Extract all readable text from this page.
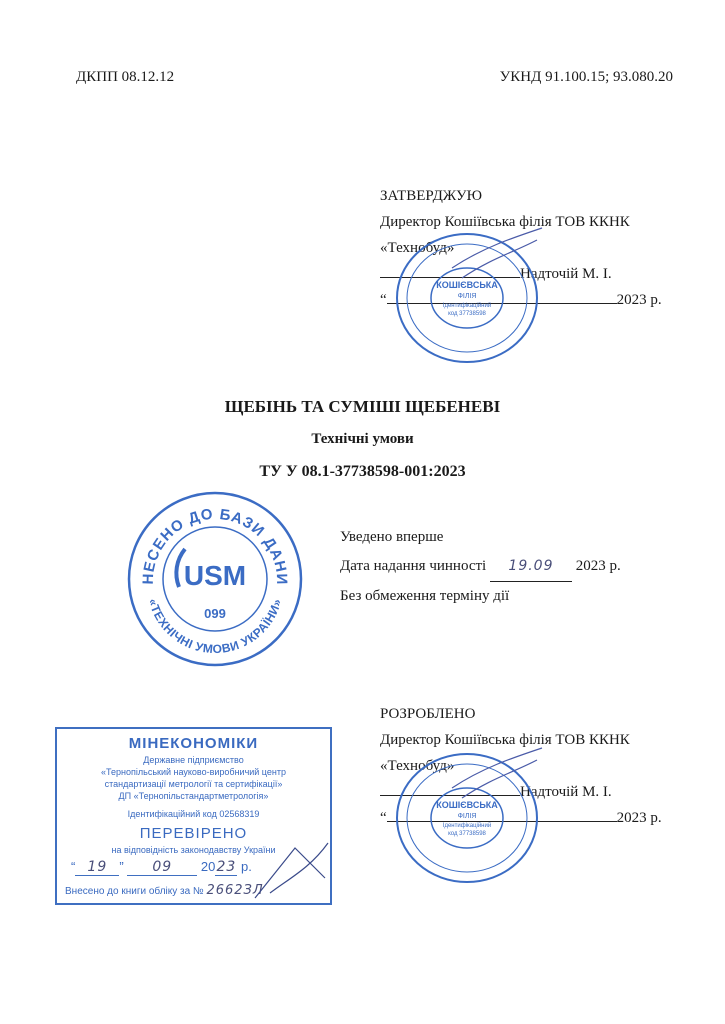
ДКПП 08.12.12	УКНД 91.100.15; 93.080.20
ЗАТВЕРДЖУЮ
Директор Кошіївська філія ТОВ ККНК
«Технобуд»
Надточій М. І.
“	2023 р.
КОШІЄВСЬКА
ФІЛІЯ
Ідентифікаційний
код 37738598
ЩЕБІНЬ ТА СУМІШІ ЩЕБЕНЕВІ
Технічні умови
ТУ У 08.1-37738598-001:2023
ВНЕСЕНО ДО БАЗИ ДАНИХ
«ТЕХНІЧНІ УМОВИ УКРАЇНИ»
USM
099
Уведено вперше
Дата надання чинності 19.09 2023 р.
Без обмеження терміну дії
РОЗРОБЛЕНО
Директор Кошіївська філія ТОВ ККНК
«Технобуд»
Надточій М. І.
“	2023 р.
КОШІЄВСЬКА
ФІЛІЯ
Ідентифікаційний
код 37738598
МІНЕКОНОМІКИ
Державне підприємство
«Тернопільський науково-виробничий центр
стандартизації метрології та сертифікації»
ДП «Тернопільстандартметрологія»
Ідентифікаційний код 02568319
ПЕРЕВІРЕНО
на відповідність законодавству України
“ 19 ” 09 2023 р.
Внесено до книги обліку за № 2662ЗЛ
